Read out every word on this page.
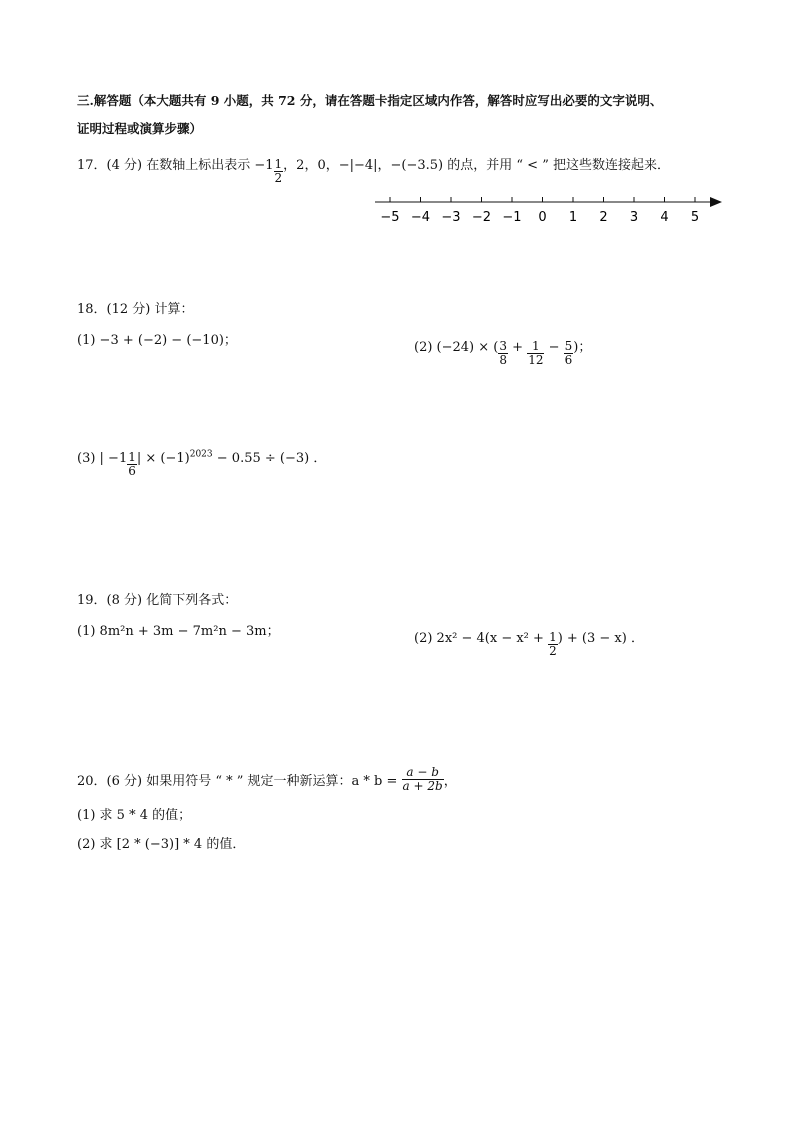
三.解答题（本大题共有 9 小题，共 72 分，请在答题卡指定区域内作答，解答时应写出必要的文字说明、
证明过程或演算步骤）
17．(4 分) 在数轴上标出表示 $-1 \frac{1}{2}$ ，2，0，−|−4|，−(−3.5) 的点，并用 “ < ” 把这些数连接起来．
−5 −4 −3 −2 −1 0 1 2 3 4 5
18．(12 分) 计算：
(1) −3 + (−2) − (−10)；	(2) (−24) × ( $\frac{3}{8} + \frac{1}{12} - \frac{5}{6}$ )；
(3) | $-1 \frac{1}{6}$ | × $(-1)^{2023} - 0.55 \div (-3)$ ．
19．(8 分) 化简下列各式：
(1) 8m²n + 3m − 7m²n − 3m；	(2) $2x^2 - 4(x - x^2 + \frac{1}{2}$ ) + (3 − x) ．
20．(6 分) 如果用符号 “ * ” 规定一种新运算：$a * b = \frac{a - b}{a + 2b}$ ，
(1) 求 5 * 4 的值；
(2) 求 [2 * (−3)] * 4 的值．
